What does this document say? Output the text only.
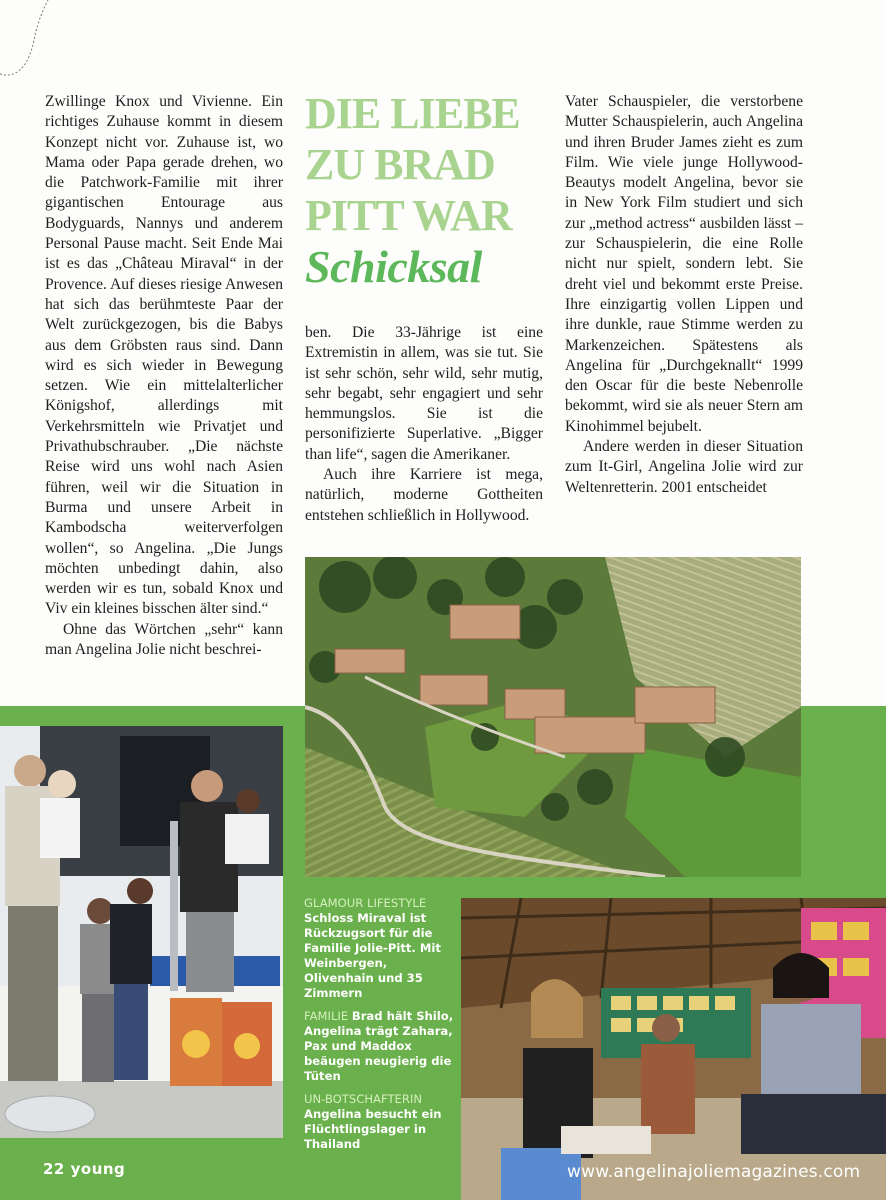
Zwillinge Knox und Vivienne. Ein richtiges Zuhause kommt in diesem Konzept nicht vor. Zuhause ist, wo Mama oder Papa gerade drehen, wo die Patchwork-Familie mit ihrer gigantischen Entourage aus Bodyguards, Nannys und anderem Personal Pause macht. Seit Ende Mai ist es das „Château Miraval“ in der Provence. Auf dieses riesige Anwesen hat sich das berühmteste Paar der Welt zurückgezogen, bis die Babys aus dem Gröbsten raus sind. Dann wird es sich wieder in Bewegung setzen. Wie ein mittelalterlicher Königshof, allerdings mit Verkehrsmitteln wie Privatjet und Privathubschrauber. „Die nächste Reise wird uns wohl nach Asien führen, weil wir die Situation in Burma und unsere Arbeit in Kambodscha weiterverfolgen wollen“, so Angelina. „Die Jungs möchten unbedingt dahin, also werden wir es tun, sobald Knox und Viv ein kleines bisschen älter sind.“

Ohne das Wörtchen „sehr“ kann man Angelina Jolie nicht beschrei-

DIE LIEBE
ZU BRAD
PITT WAR
Schicksal

ben. Die 33-Jährige ist eine Extremistin in allem, was sie tut. Sie ist sehr schön, sehr wild, sehr mutig, sehr begabt, sehr engagiert und sehr hemmungslos. Sie ist die personifizierte Superlative. „Bigger than life“, sagen die Amerikaner.

Auch ihre Karriere ist mega, natürlich, moderne Gottheiten entstehen schließlich in Hollywood.

Vater Schauspieler, die verstorbene Mutter Schauspielerin, auch Angelina und ihren Bruder James zieht es zum Film. Wie viele junge Hollywood-Beautys modelt Angelina, bevor sie in New York Film studiert und sich zur „method actress“ ausbilden lässt – zur Schauspielerin, die eine Rolle nicht nur spielt, sondern lebt. Sie dreht viel und bekommt erste Preise. Ihre einzigartig vollen Lippen und ihre dunkle, raue Stimme werden zu Markenzeichen. Spätestens als Angelina für „Durchgeknallt“ 1999 den Oscar für die beste Nebenrolle bekommt, wird sie als neuer Stern am Kinohimmel bejubelt.

Andere werden in dieser Situation zum It-Girl, Angelina Jolie wird zur Weltenretterin. 2001 entscheidet

GLAMOUR LIFESTYLE
Schloss Miraval ist Rückzugsort für die Familie Jolie-Pitt. Mit Weinbergen, Olivenhain und 35 Zimmern

FAMILIE Brad hält Shilo, Angelina trägt Zahara, Pax und Maddox beäugen neugierig die Tüten

UN-BOTSCHAFTERIN
Angelina besucht ein Flüchtlingslager in Thailand

22 young	www.angelinajoliemagazines.com
